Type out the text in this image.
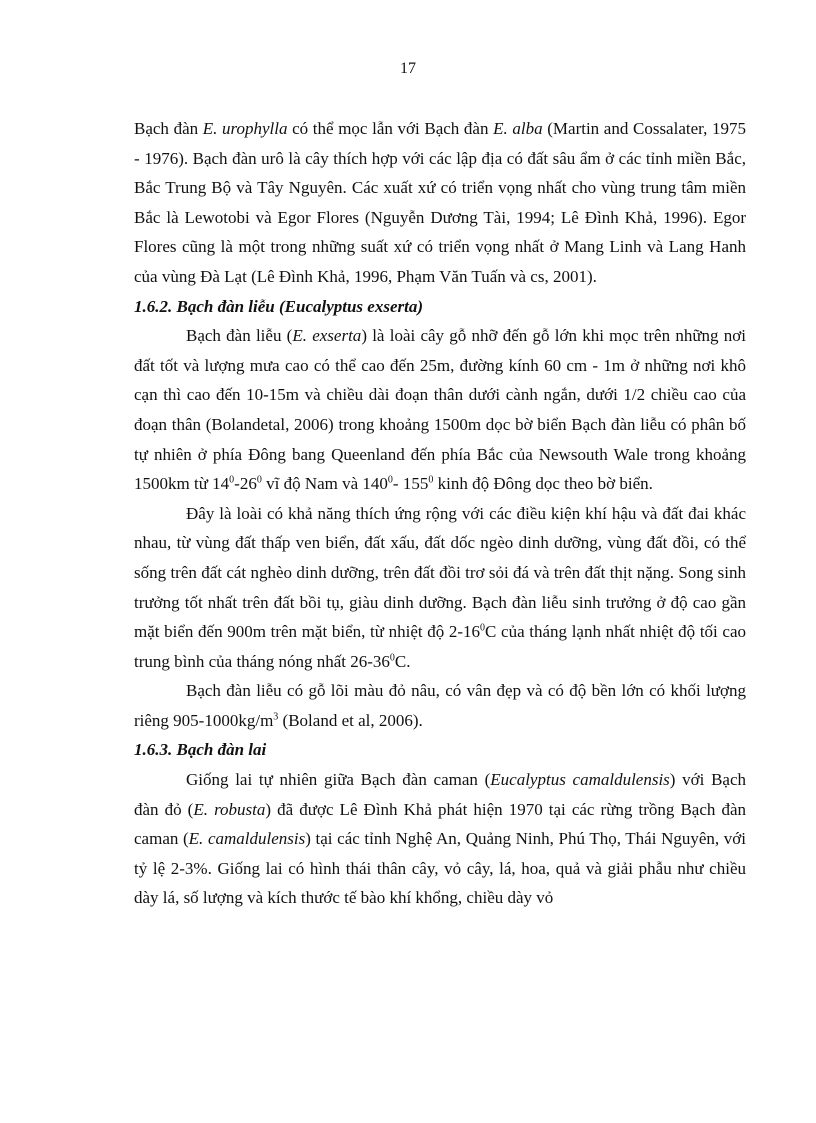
17

Bạch đàn E. urophylla có thể mọc lẫn với Bạch đàn E. alba (Martin and Cossalater, 1975 - 1976). Bạch đàn urô là cây thích hợp với các lập địa có đất sâu ẩm ở các tỉnh miền Bắc, Bắc Trung Bộ và Tây Nguyên. Các xuất xứ có triển vọng nhất cho vùng trung tâm miền Bắc là Lewotobi và Egor Flores (Nguyễn Dương Tài, 1994; Lê Đình Khả, 1996). Egor Flores cũng là một trong những suất xứ có triển vọng nhất ở Mang Linh và Lang Hanh của vùng Đà Lạt (Lê Đình Khả, 1996, Phạm Văn Tuấn và cs, 2001).

1.6.2. Bạch đàn liễu (Eucalyptus exserta)

Bạch đàn liễu (E. exserta) là loài cây gỗ nhỡ đến gỗ lớn khi mọc trên những nơi đất tốt và lượng mưa cao có thể cao đến 25m, đường kính 60 cm - 1m ở những nơi khô cạn thì cao đến 10-15m và chiều dài đoạn thân dưới cành ngắn, dưới 1/2 chiều cao của đoạn thân (Bolandetal, 2006) trong khoảng 1500m dọc bờ biển Bạch đàn liễu có phân bố tự nhiên ở phía Đông bang Queenland đến phía Bắc của Newsouth Wale trong khoảng 1500km từ $14^0-26^0$ vĩ độ Nam và $140^0-$ $155^0$ kinh độ Đông dọc theo bờ biển.

Đây là loài có khả năng thích ứng rộng với các điều kiện khí hậu và đất đai khác nhau, từ vùng đất thấp ven biển, đất xấu, đất dốc ngèo dinh dưỡng, vùng đất đồi, có thể sống trên đất cát nghèo dinh dưỡng, trên đất đồi trơ sỏi đá và trên đất thịt nặng. Song sinh trưởng tốt nhất trên đất bồi tụ, giàu dinh dưỡng. Bạch đàn liễu sinh trưởng ở độ cao gần mặt biển đến 900m trên mặt biển, từ nhiệt độ $2-16^0C$ của tháng lạnh nhất nhiệt độ tối cao trung bình của tháng nóng nhất $26-36^0C$.

Bạch đàn liễu có gỗ lõi màu đỏ nâu, có vân đẹp và có độ bền lớn có khối lượng riêng $905-1000kg/m^3$ (Boland et al, 2006).

1.6.3. Bạch đàn lai

Giống lai tự nhiên giữa Bạch đàn caman (Eucalyptus camaldulensis) với Bạch đàn đỏ (E. robusta) đã được Lê Đình Khả phát hiện 1970 tại các rừng trồng Bạch đàn caman (E. camaldulensis) tại các tỉnh Nghệ An, Quảng Ninh, Phú Thọ, Thái Nguyên, với tỷ lệ 2-3%. Giống lai có hình thái thân cây, vỏ cây, lá, hoa, quả và giải phẫu như chiều dày lá, số lượng và kích thước tế bào khí khổng, chiều dày vỏ
